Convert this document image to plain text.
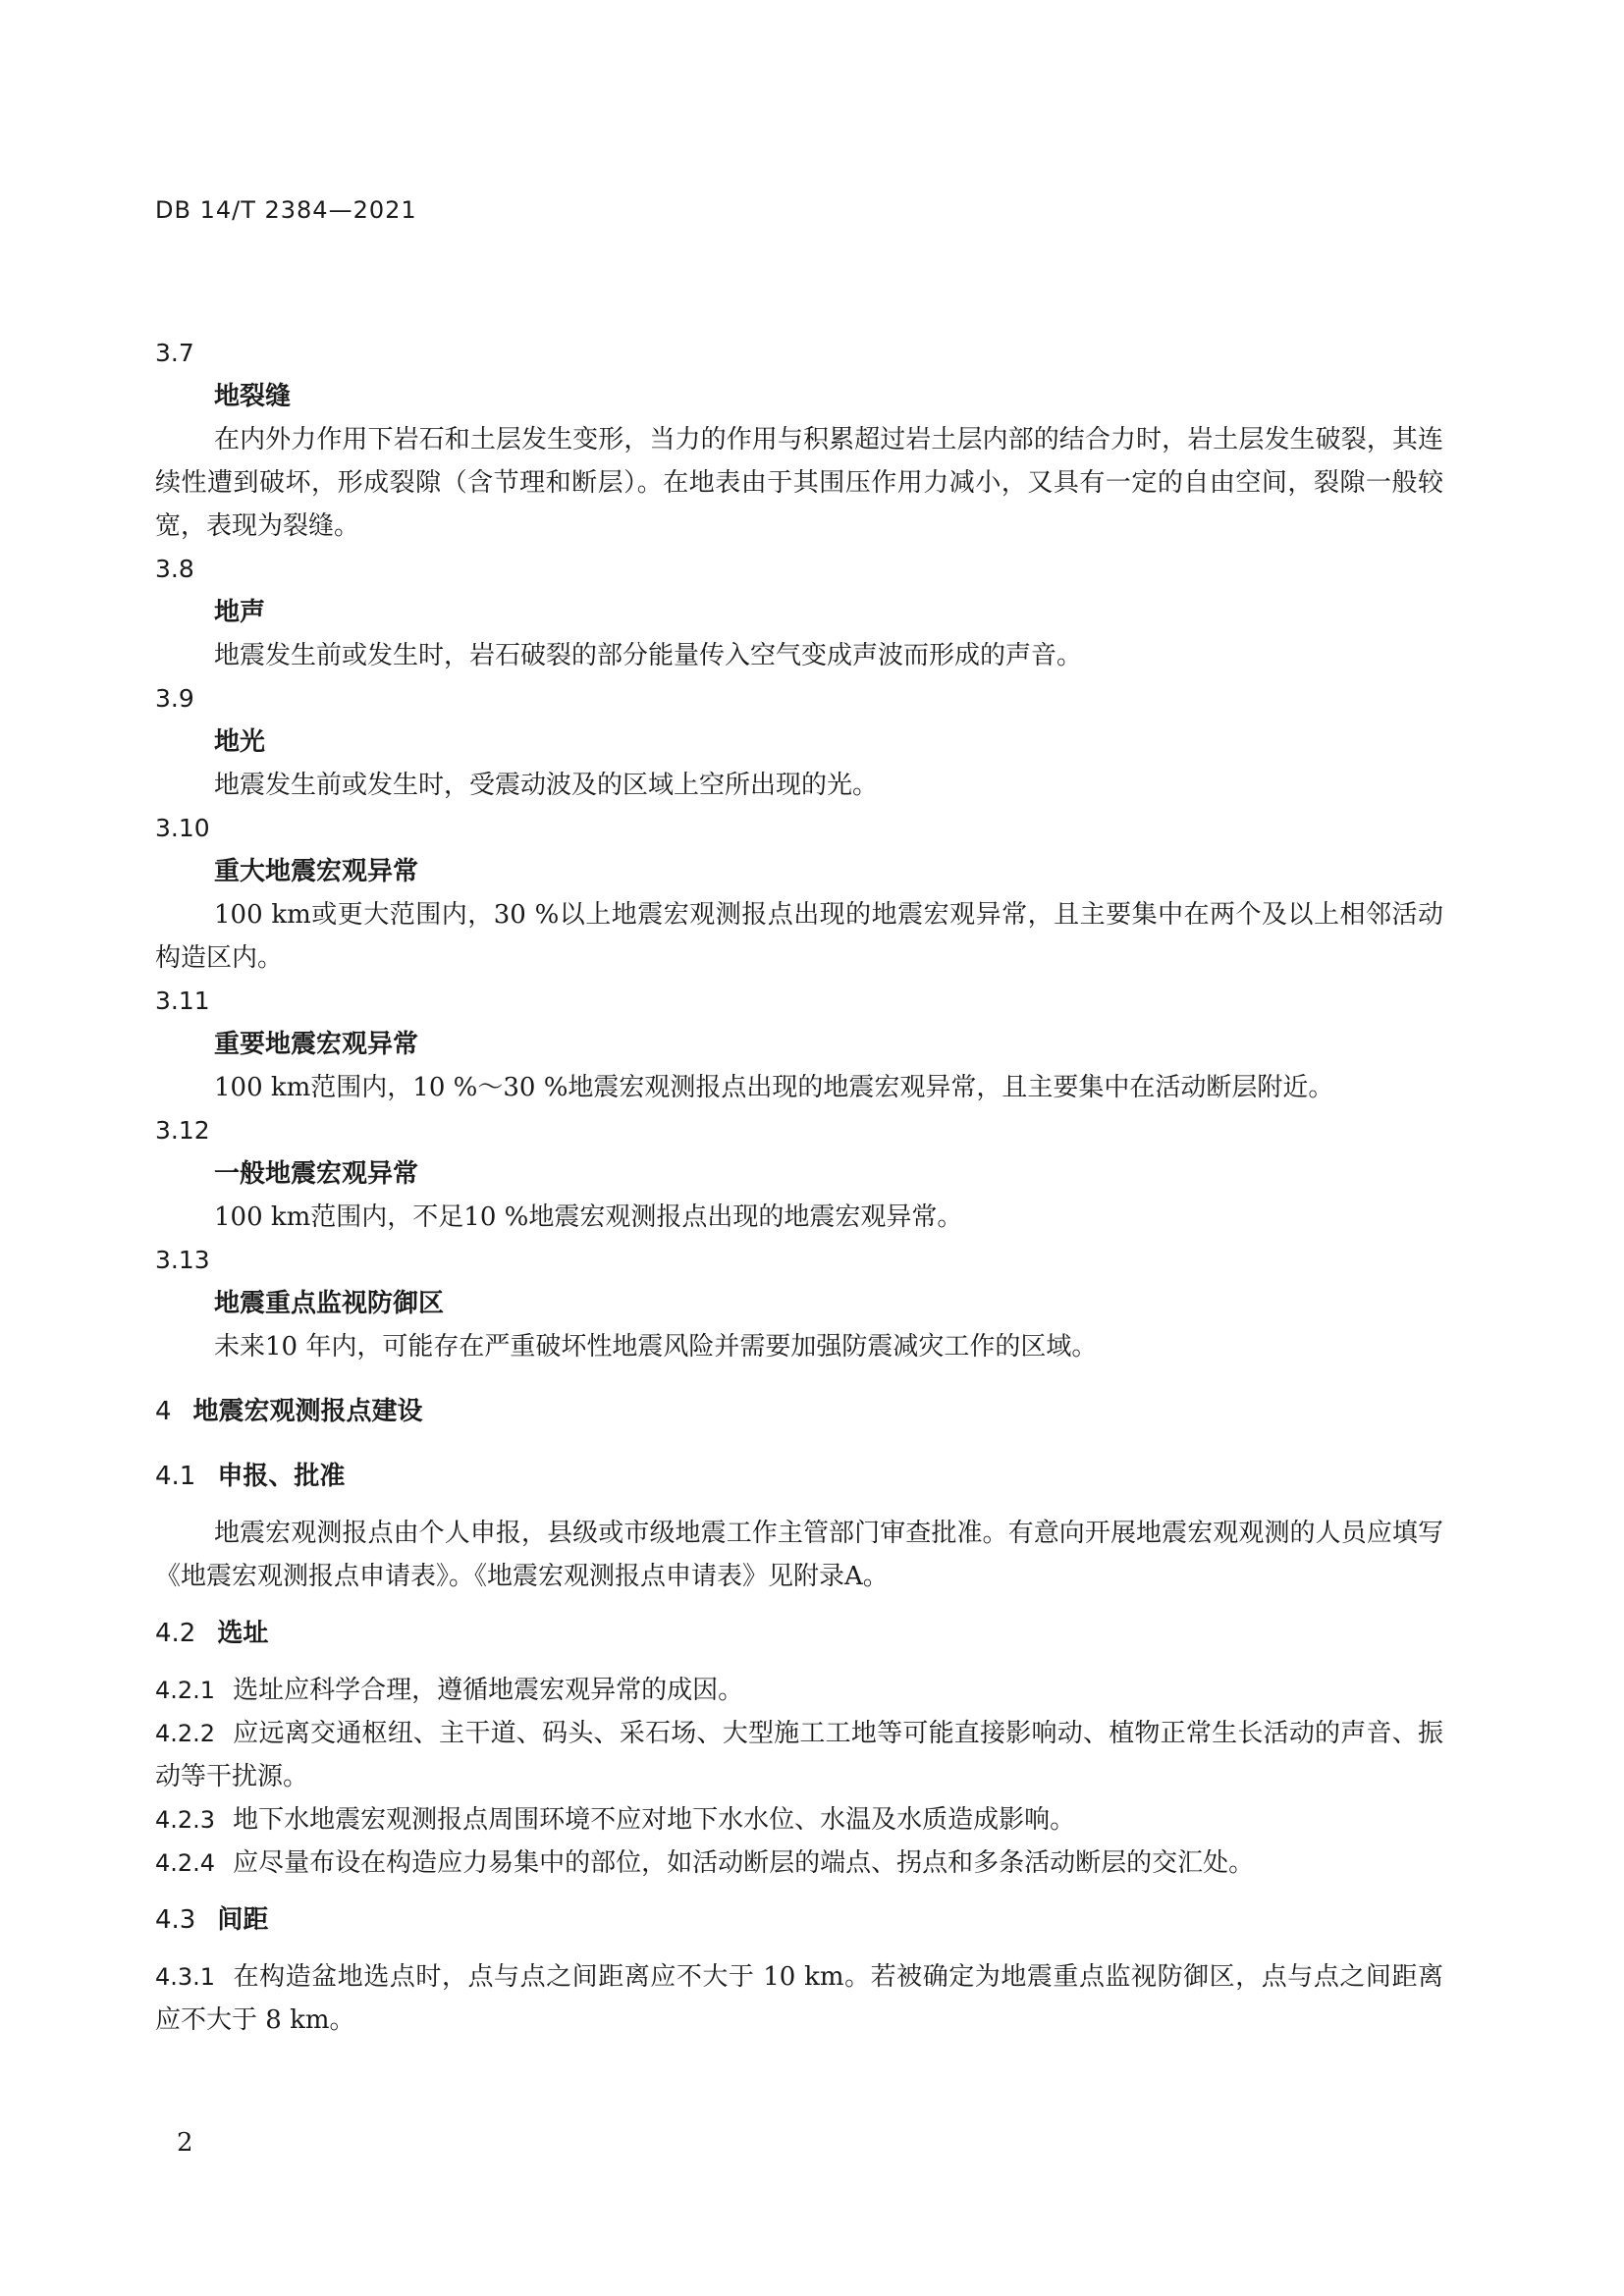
DB 14/T 2384—2021

3.7

地裂缝

在内外力作用下岩石和土层发生变形，当力的作用与积累超过岩土层内部的结合力时，岩土层发生破裂，其连续性遭到破坏，形成裂隙（含节理和断层）。在地表由于其围压作用力减小，又具有一定的自由空间，裂隙一般较宽，表现为裂缝。

3.8

地声

地震发生前或发生时，岩石破裂的部分能量传入空气变成声波而形成的声音。

3.9

地光

地震发生前或发生时，受震动波及的区域上空所出现的光。

3.10

重大地震宏观异常

100 km或更大范围内，30 %以上地震宏观测报点出现的地震宏观异常，且主要集中在两个及以上相邻活动构造区内。

3.11

重要地震宏观异常

100 km范围内，10 %～30 %地震宏观测报点出现的地震宏观异常，且主要集中在活动断层附近。

3.12

一般地震宏观异常

100 km范围内，不足10 %地震宏观测报点出现的地震宏观异常。

3.13

地震重点监视防御区

未来10 年内，可能存在严重破坏性地震风险并需要加强防震减灾工作的区域。

4 地震宏观测报点建设

4.1 申报、批准

地震宏观测报点由个人申报，县级或市级地震工作主管部门审查批准。有意向开展地震宏观观测的人员应填写《地震宏观测报点申请表》。《地震宏观测报点申请表》见附录A。

4.2 选址

4.2.1 选址应科学合理，遵循地震宏观异常的成因。

4.2.2 应远离交通枢纽、主干道、码头、采石场、大型施工工地等可能直接影响动、植物正常生长活动的声音、振动等干扰源。

4.2.3 地下水地震宏观测报点周围环境不应对地下水水位、水温及水质造成影响。

4.2.4 应尽量布设在构造应力易集中的部位，如活动断层的端点、拐点和多条活动断层的交汇处。

4.3 间距

4.3.1 在构造盆地选点时，点与点之间距离应不大于 10 km。若被确定为地震重点监视防御区，点与点之间距离应不大于 8 km。

2
